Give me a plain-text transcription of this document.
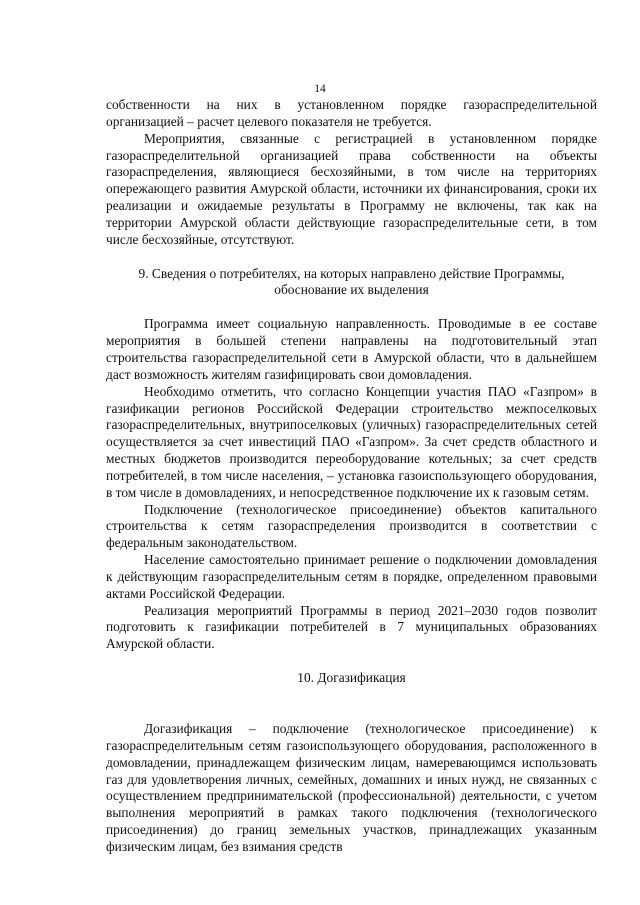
14

собственности на них в установленном порядке газораспределительной организацией – расчет целевого показателя не требуется.

Мероприятия, связанные с регистрацией в установленном порядке газораспределительной организацией права собственности на объекты газораспределения, являющиеся бесхозяйными, в том числе на территориях опережающего развития Амурской области, источники их финансирования, сроки их реализации и ожидаемые результаты в Программу не включены, так как на территории Амурской области действующие газораспределительные сети, в том числе бесхозяйные, отсутствуют.

9. Сведения о потребителях, на которых направлено действие Программы,
обоснование их выделения

Программа имеет социальную направленность. Проводимые в ее составе мероприятия в большей степени направлены на подготовительный этап строительства газораспределительной сети в Амурской области, что в дальнейшем даст возможность жителям газифицировать свои домовладения.

Необходимо отметить, что согласно Концепции участия ПАО «Газпром» в газификации регионов Российской Федерации строительство межпоселковых газораспределительных, внутрипоселковых (уличных) газораспределительных сетей осуществляется за счет инвестиций ПАО «Газпром». За счет средств областного и местных бюджетов производится переоборудование котельных; за счет средств потребителей, в том числе населения, – установка газоиспользующего оборудования, в том числе в домовладениях, и непосредственное подключение их к газовым сетям.

Подключение (технологическое присоединение) объектов капитального строительства к сетям газораспределения производится в соответствии с федеральным законодательством.

Население самостоятельно принимает решение о подключении домовладения к действующим газораспределительным сетям в порядке, определенном правовыми актами Российской Федерации.

Реализация мероприятий Программы в период 2021–2030 годов позволит подготовить к газификации потребителей в 7 муниципальных образованиях Амурской области.

10. Догазификация

Догазификация – подключение (технологическое присоединение) к газораспределительным сетям газоиспользующего оборудования, расположенного в домовладении, принадлежащем физическим лицам, намеревающимся использовать газ для удовлетворения личных, семейных, домашних и иных нужд, не связанных с осуществлением предпринимательской (профессиональной) деятельности, с учетом выполнения мероприятий в рамках такого подключения (технологического присоединения) до границ земельных участков, принадлежащих указанным физическим лицам, без взимания средств
